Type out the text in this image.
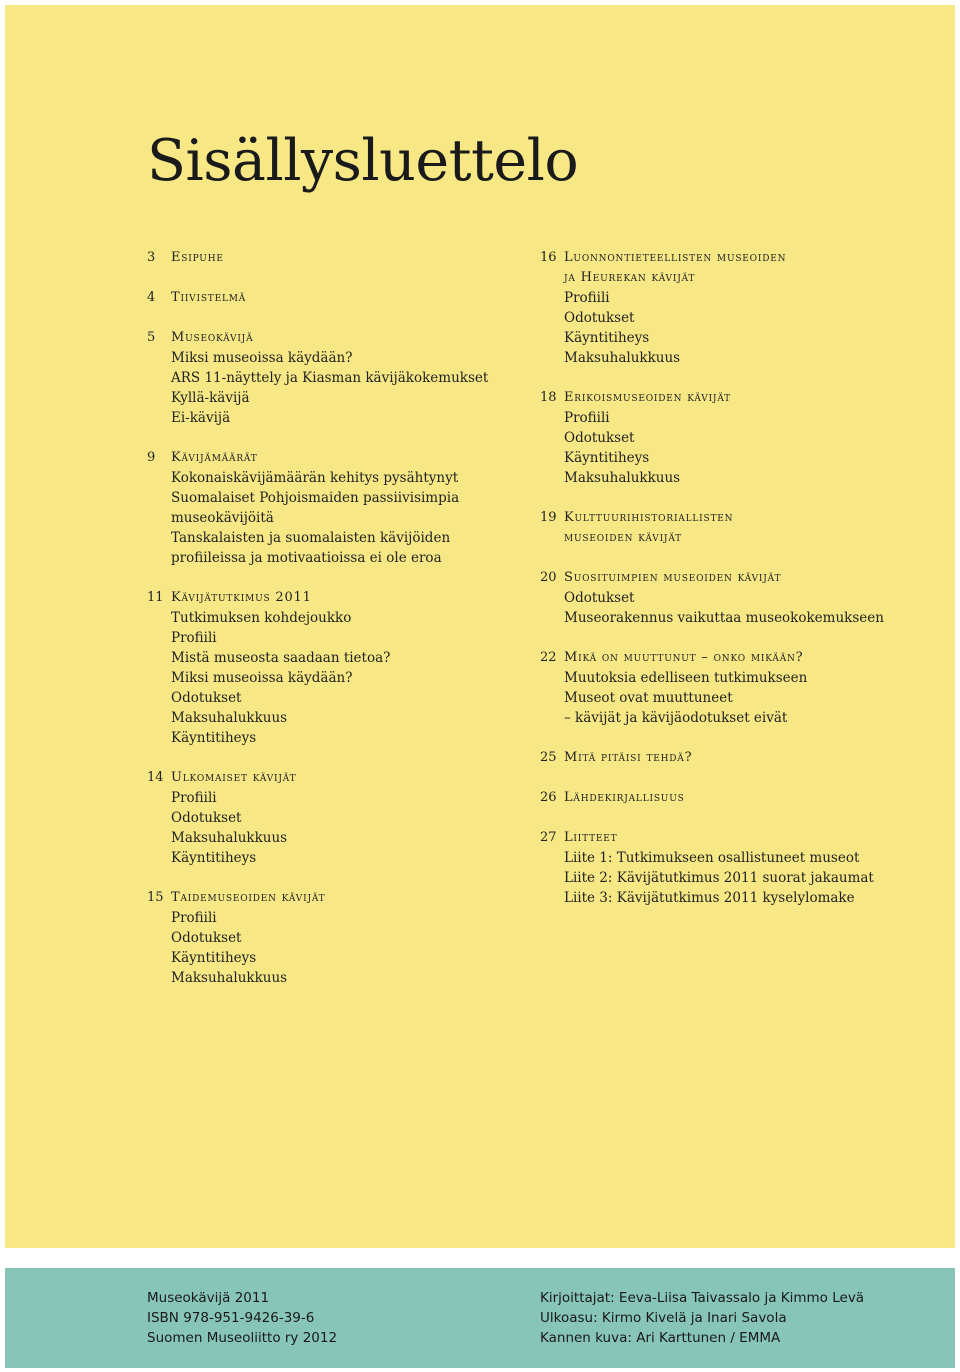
Sisällysluettelo
3	Esipuhe
4	Tiivistelmä
5	Museokävijä
Miksi museoissa käydään?
ARS 11-näyttely ja Kiasman kävijäkokemukset
Kyllä-kävijä
Ei-kävijä
9	Kävijämäärät
Kokonaiskävijämäärän kehitys pysähtynyt
Suomalaiset Pohjoismaiden passiivisimpia
museokävijöitä
Tanskalaisten ja suomalaisten kävijöiden
profiileissa ja motivaatioissa ei ole eroa
11 Kävijätutkimus 2011
Tutkimuksen kohdejoukko
Profiili
Mistä museosta saadaan tietoa?
Miksi museoissa käydään?
Odotukset
Maksuhalukkuus
Käyntitiheys
14 Ulkomaiset kävijät
Profiili
Odotukset
Maksuhalukkuus
Käyntitiheys
15 Taidemuseoiden kävijät
Profiili
Odotukset
Käyntitiheys
Maksuhalukkuus
16 Luonnontieteellisten museoiden
ja Heurekan kävijät
Profiili
Odotukset
Käyntitiheys
Maksuhalukkuus
18 Erikoismuseoiden kävijät
Profiili
Odotukset
Käyntitiheys
Maksuhalukkuus
19 Kulttuurihistoriallisten
museoiden kävijät
20 Suosituimpien museoiden kävijät
Odotukset
Museorakennus vaikuttaa museokokemukseen
22 Mikä on muuttunut – onko mikään?
Muutoksia edelliseen tutkimukseen
Museot ovat muuttuneet
– kävijät ja kävijäodotukset eivät
25 Mitä pitäisi tehdä?
26 Lähdekirjallisuus
27 Liitteet
Liite 1: Tutkimukseen osallistuneet museot
Liite 2: Kävijätutkimus 2011 suorat jakaumat
Liite 3: Kävijätutkimus 2011 kyselylomake
Museokävijä 2011
ISBN 978-951-9426-39-6
Suomen Museoliitto ry 2012
Kirjoittajat: Eeva-Liisa Taivassalo ja Kimmo Levä
Ulkoasu: Kirmo Kivelä ja Inari Savola
Kannen kuva: Ari Karttunen / EMMA
